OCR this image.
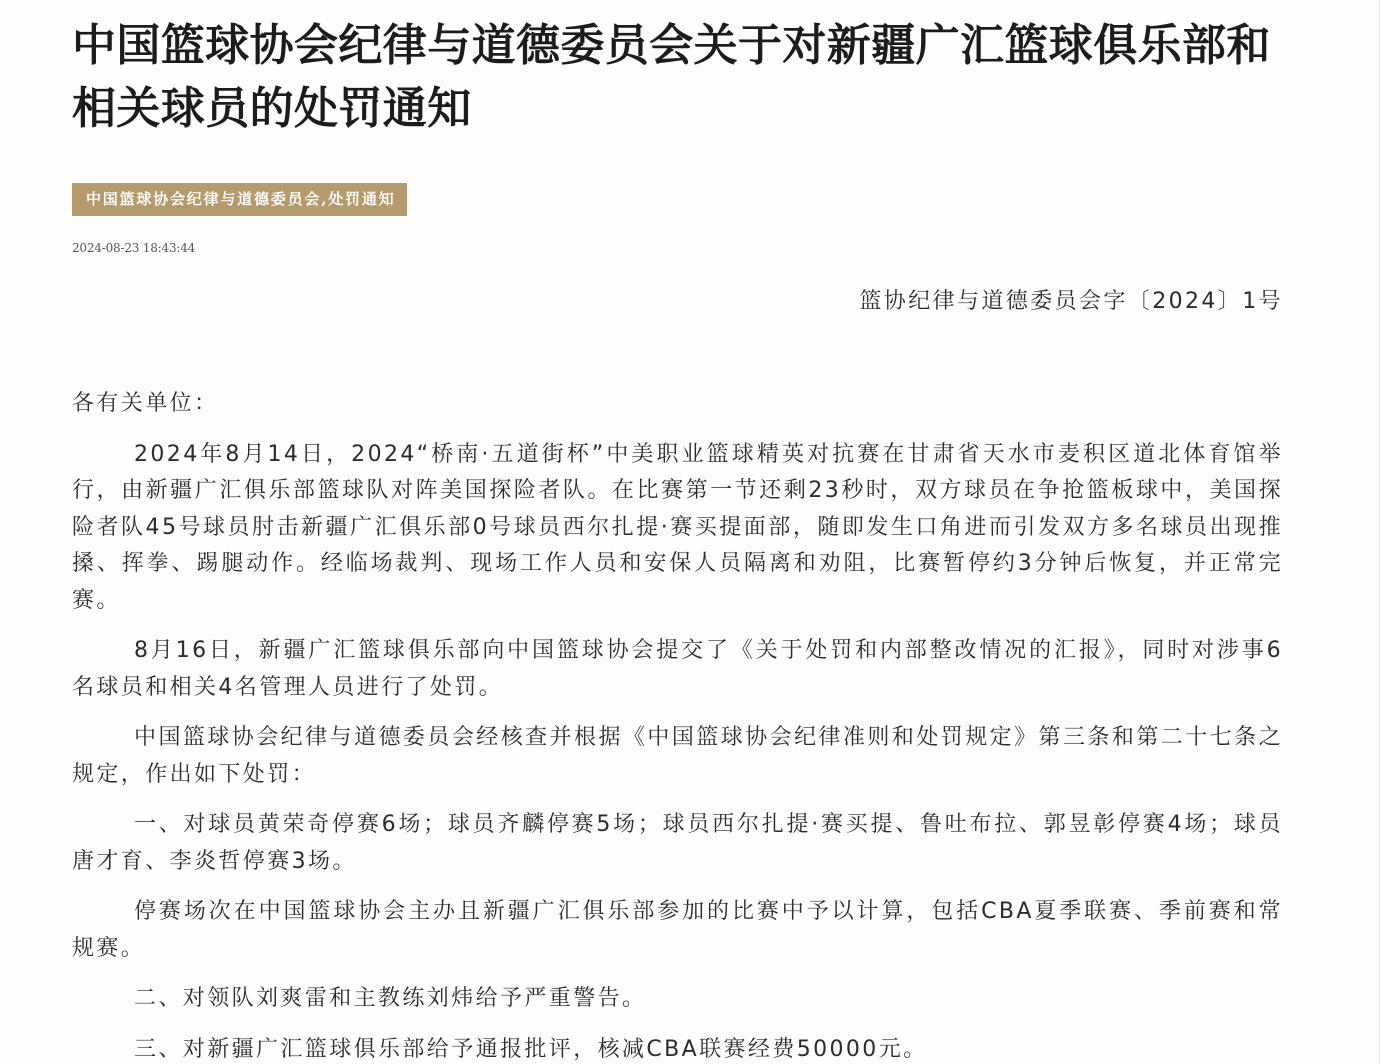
中国篮球协会纪律与道德委员会关于对新疆广汇篮球俱乐部和相关球员的处罚通知
中国篮球协会纪律与道德委员会,处罚通知
2024-08-23 18:43:44
篮协纪律与道德委员会字〔2024〕1号
各有关单位：

2024年8月14日，2024“桥南·五道街杯”中美职业篮球精英对抗赛在甘肃省天水市麦积区道北体育馆举行，由新疆广汇俱乐部篮球队对阵美国探险者队。在比赛第一节还剩23秒时，双方球员在争抢篮板球中，美国探险者队45号球员肘击新疆广汇俱乐部0号球员西尔扎提·赛买提面部，随即发生口角进而引发双方多名球员出现推搡、挥拳、踢腿动作。经临场裁判、现场工作人员和安保人员隔离和劝阻，比赛暂停约3分钟后恢复，并正常完赛。

8月16日，新疆广汇篮球俱乐部向中国篮球协会提交了《关于处罚和内部整改情况的汇报》，同时对涉事6名球员和相关4名管理人员进行了处罚。

中国篮球协会纪律与道德委员会经核查并根据《中国篮球协会纪律准则和处罚规定》第三条和第二十七条之规定，作出如下处罚：

一、对球员黄荣奇停赛6场；球员齐麟停赛5场；球员西尔扎提·赛买提、鲁吐布拉、郭昱彰停赛4场；球员唐才育、李炎哲停赛3场。

停赛场次在中国篮球协会主办且新疆广汇俱乐部参加的比赛中予以计算，包括CBA夏季联赛、季前赛和常规赛。

二、对领队刘爽雷和主教练刘炜给予严重警告。

三、对新疆广汇篮球俱乐部给予通报批评，核减CBA联赛经费50000元。
